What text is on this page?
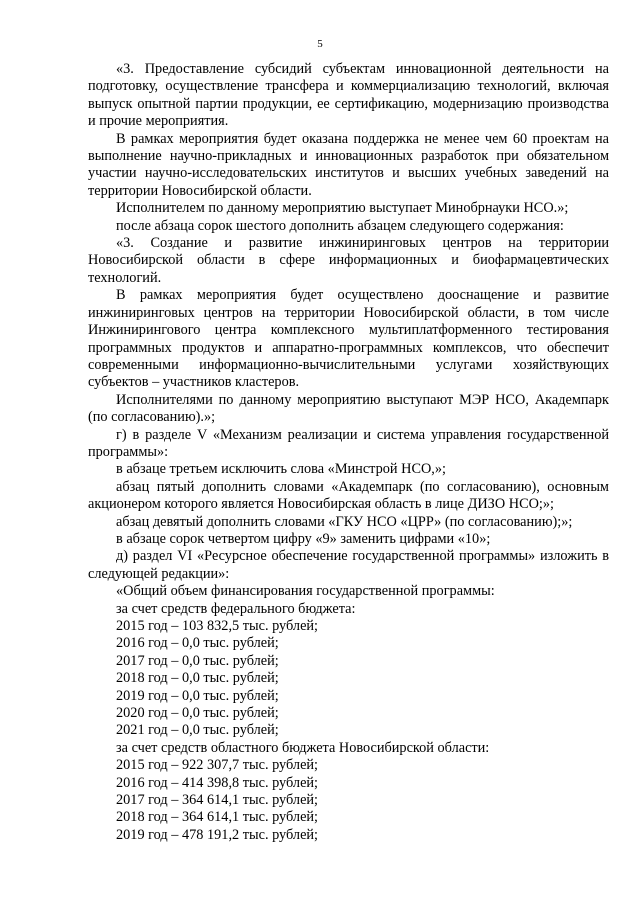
5

«3. Предоставление субсидий субъектам инновационной деятельности на подготовку, осуществление трансфера и коммерциализацию технологий, включая выпуск опытной партии продукции, ее сертификацию, модернизацию производства и прочие мероприятия.

В рамках мероприятия будет оказана поддержка не менее чем 60 проектам на выполнение научно-прикладных и инновационных разработок при обязательном участии научно-исследовательских институтов и высших учебных заведений на территории Новосибирской области.

Исполнителем по данному мероприятию выступает Минобрнауки НСО.»;

после абзаца сорок шестого дополнить абзацем следующего содержания:

«3. Создание и развитие инжиниринговых центров на территории Новосибирской области в сфере информационных и биофармацевтических технологий.

В рамках мероприятия будет осуществлено дооснащение и развитие инжиниринговых центров на территории Новосибирской области, в том числе Инжинирингового центра комплексного мультиплатформенного тестирования программных продуктов и аппаратно-программных комплексов, что обеспечит современными информационно-вычислительными услугами хозяйствующих субъектов – участников кластеров.

Исполнителями по данному мероприятию выступают МЭР НСО, Академпарк (по согласованию).»;

г) в разделе V «Механизм реализации и система управления государственной программы»:

в абзаце третьем исключить слова «Минстрой НСО,»;

абзац пятый дополнить словами «Академпарк (по согласованию), основным акционером которого является Новосибирская область в лице ДИЗО НСО;»;

абзац девятый дополнить словами «ГКУ НСО «ЦРР» (по согласованию);»;

в абзаце сорок четвертом цифру «9» заменить цифрами «10»;

д) раздел VI «Ресурсное обеспечение государственной программы» изложить в следующей редакции»:

«Общий объем финансирования государственной программы:

за счет средств федерального бюджета:

2015 год – 103 832,5 тыс. рублей;

2016 год – 0,0 тыс. рублей;

2017 год – 0,0 тыс. рублей;

2018 год – 0,0 тыс. рублей;

2019 год – 0,0 тыс. рублей;

2020 год – 0,0 тыс. рублей;

2021 год – 0,0 тыс. рублей;

за счет средств областного бюджета Новосибирской области:

2015 год – 922 307,7 тыс. рублей;

2016 год – 414 398,8 тыс. рублей;

2017 год – 364 614,1 тыс. рублей;

2018 год – 364 614,1 тыс. рублей;

2019 год – 478 191,2 тыс. рублей;
